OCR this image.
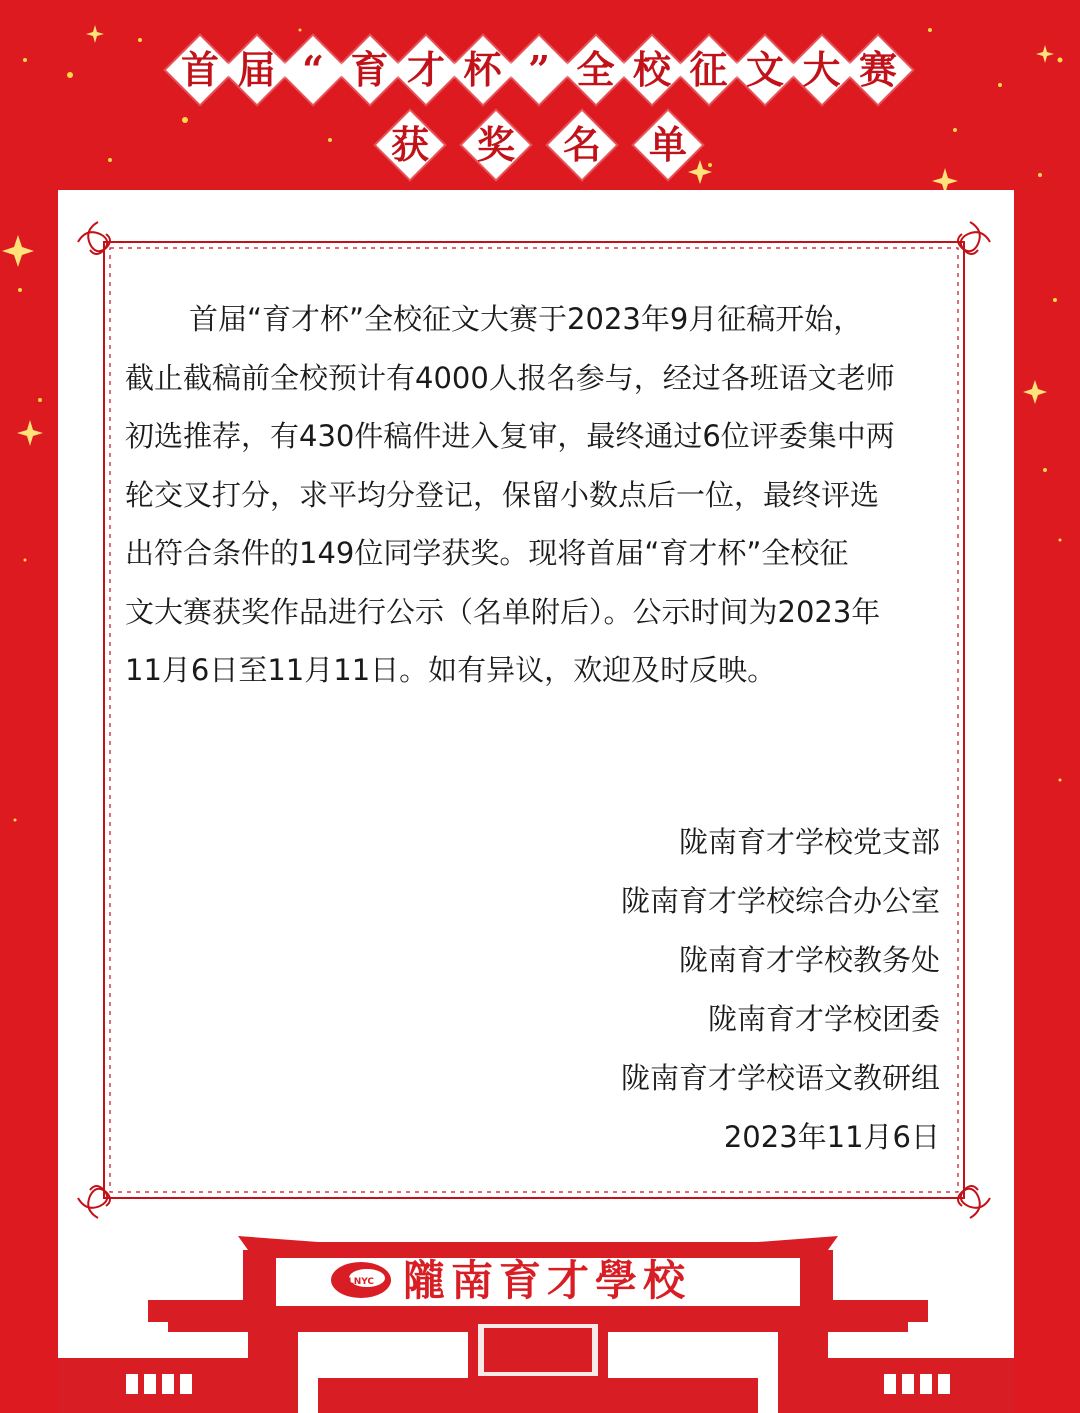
首 届 “ 育 才 杯 ” 全 校 征 文 大 赛
获	奖	名	单
首届“育才杯”全校征文大赛于2023年9月征稿开始，
截止截稿前全校预计有4000人报名参与，经过各班语文老师
初选推荐，有430件稿件进入复审，最终通过6位评委集中两
轮交叉打分，求平均分登记，保留小数点后一位，最终评选
出符合条件的149位同学获奖。现将首届“育才杯”全校征
文大赛获奖作品进行公示（名单附后）。公示时间为2023年
11月6日至11月11日。如有异议，欢迎及时反映。
陇南育才学校党支部
陇南育才学校综合办公室
陇南育才学校教务处
陇南育才学校团委
陇南育才学校语文教研组
2023年11月6日
LNYC 隴南育才學校
